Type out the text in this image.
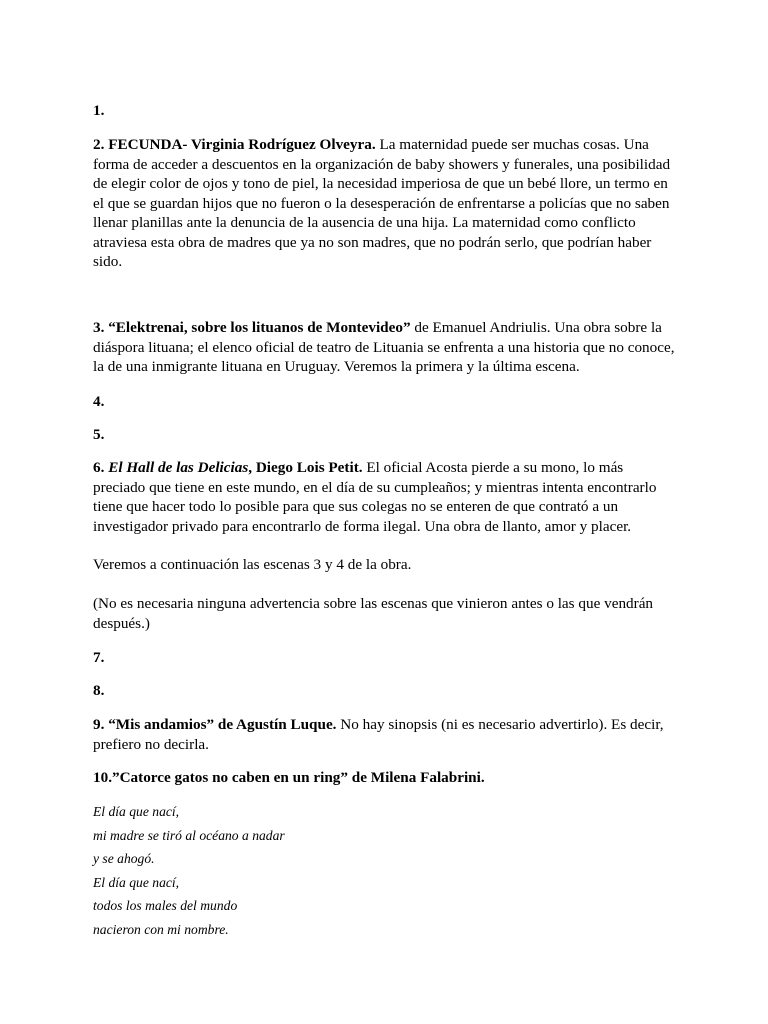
1.
2. FECUNDA- Virginia Rodríguez Olveyra. La maternidad puede ser muchas cosas. Una forma de acceder a descuentos en la organización de baby showers y funerales, una posibilidad de elegir color de ojos y tono de piel, la necesidad imperiosa de que un bebé llore, un termo en el que se guardan hijos que no fueron o la desesperación de enfrentarse a policías que no saben llenar planillas ante la denuncia de la ausencia de una hija. La maternidad como conflicto atraviesa esta obra de madres que ya no son madres, que no podrán serlo, que podrían haber sido.
3. “Elektrenai, sobre los lituanos de Montevideo” de Emanuel Andriulis. Una obra sobre la diáspora lituana; el elenco oficial de teatro de Lituania se enfrenta a una historia que no conoce, la de una inmigrante lituana en Uruguay. Veremos la primera y la última escena.
4.
5.
6. El Hall de las Delicias, Diego Lois Petit. El oficial Acosta pierde a su mono, lo más preciado que tiene en este mundo, en el día de su cumpleaños; y mientras intenta encontrarlo tiene que hacer todo lo posible para que sus colegas no se enteren de que contrató a un investigador privado para encontrarlo de forma ilegal. Una obra de llanto, amor y placer.
Veremos a continuación las escenas 3 y 4 de la obra.
(No es necesaria ninguna advertencia sobre las escenas que vinieron antes o las que vendrán después.)
7.
8.
9. “Mis andamios” de Agustín Luque. No hay sinopsis (ni es necesario advertirlo). Es decir, prefiero no decirla.
10.”Catorce gatos no caben en un ring” de Milena Falabrini.
El día que nací,
mi madre se tiró al océano a nadar
y se ahogó.
El día que nací,
todos los males del mundo
nacieron con mi nombre.
